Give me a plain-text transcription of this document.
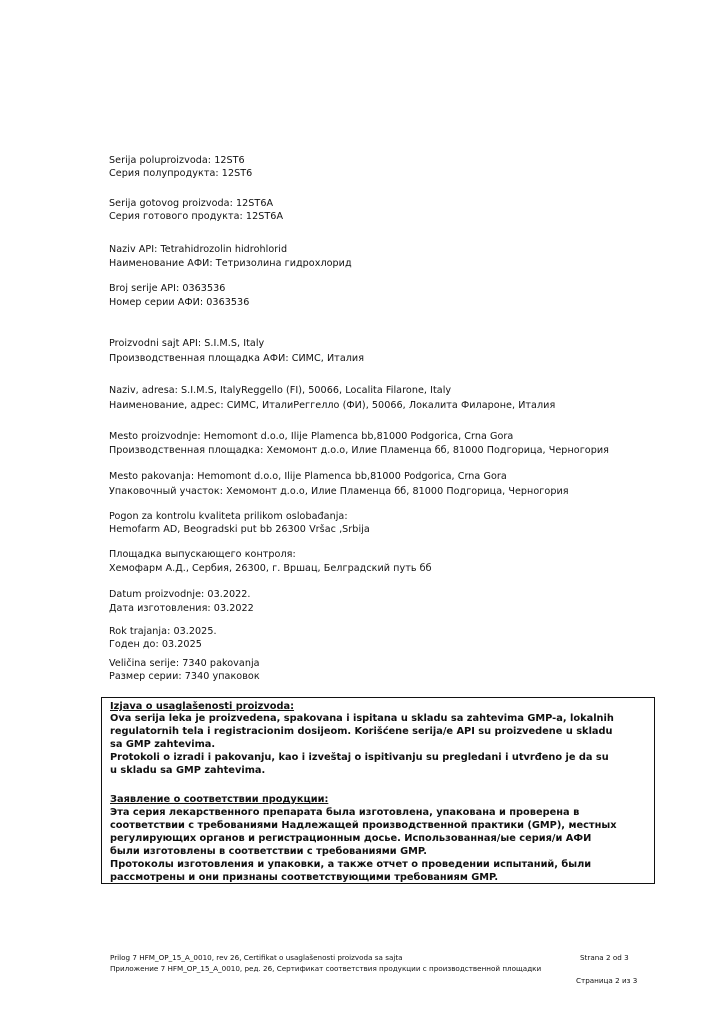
Serija poluproizvoda: 12ST6
Серия полупродукта: 12ST6
Serija gotovog proizvoda: 12ST6A
Серия готового продукта: 12ST6A
Naziv API: Tetrahidrozolin hidrohlorid
Наименование АФИ: Тетризолина гидрохлорид
Broj serije API: 0363536
Номер серии АФИ: 0363536
Proizvodni sajt API: S.I.M.S, Italy
Производственная площадка АФИ: СИМС, Италия
Naziv, adresa: S.I.M.S, ItalyReggello (FI), 50066, Localita Filarone, Italy
Наименование, адрес: СИМС, ИталиРеггелло (ФИ), 50066, Локалита Филароне, Италия
Mesto proizvodnje: Hemomont d.o.o, Ilije Plamenca bb,81000 Podgorica, Crna Gora
Производственная площадка: Хемомонт д.о.о, Илие Пламенца бб, 81000 Подгорица, Черногория
Mesto pakovanja: Hemomont d.o.o, Ilije Plamenca bb,81000 Podgorica, Crna Gora
Упаковочный участок: Хемомонт д.о.о, Илие Пламенца бб, 81000 Подгорица, Черногория
Pogon za kontrolu kvaliteta prilikom oslobađanja:
Hemofarm AD, Beogradski put bb 26300 Vršac ,Srbija
Площадка выпускающего контроля:
Хемофарм А.Д., Сербия, 26300, г. Вршац, Белградский путь бб
Datum proizvodnje: 03.2022.
Дата изготовления: 03.2022
Rok trajanja: 03.2025.
Годен до: 03.2025
Veličina serije: 7340 pakovanja
Размер серии: 7340 упаковок
Izjava o usaglašenosti proizvoda:
Ova serija leka je proizvedena, spakovana i ispitana u skladu sa zahtevima GMP-a, lokalnih
regulatornih tela i registracionim dosijeom. Korišćene serija/e API su proizvedene u skladu
sa GMP zahtevima.
Protokoli o izradi i pakovanju, kao i izveštaj o ispitivanju su pregledani i utvrđeno je da su
u skladu sa GMP zahtevima.
Заявление о соответствии продукции:
Эта серия лекарственного препарата была изготовлена, упакована и проверена в
соответствии с требованиями Надлежащей производственной практики (GMP), местных
регулирующих органов и регистрационным досье. Использованная/ые серия/и АФИ
были изготовлены в соответствии с требованиями GMP.
Протоколы изготовления и упаковки, а также отчет о проведении испытаний, были
рассмотрены и они признаны соответствующими требованиям GMP.
Prilog 7 HFM_OP_15_A_0010, rev 26, Certifikat o usaglašenosti proizvoda sa sajta	Strana 2 od 3
Приложение 7 HFM_OP_15_A_0010, ред. 26, Сертификат соответствия продукции с производственной площадки
Страница 2 из 3
